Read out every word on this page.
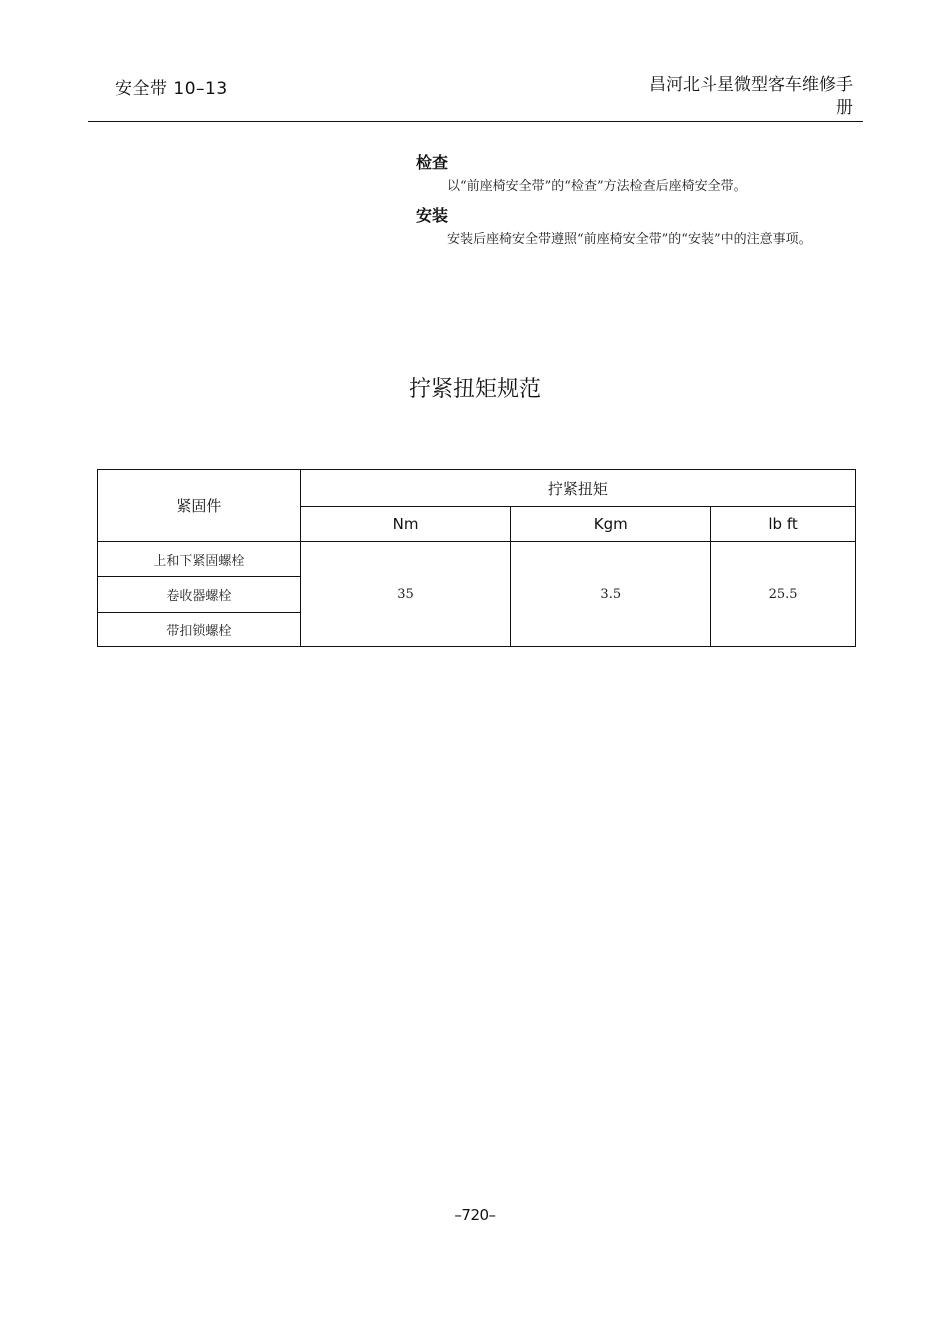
安全带 10–13	昌河北斗星微型客车维修手
册
检查
以“前座椅安全带”的“检查”方法检查后座椅安全带。
安装
安装后座椅安全带遵照“前座椅安全带”的“安装”中的注意事项。
拧紧扭矩规范
紧固件	拧紧扭矩		
	Nm	Kgm	lb ft
上和下紧固螺栓	35	3.5	25.5
卷收器螺栓			
带扣锁螺栓			
–720–
